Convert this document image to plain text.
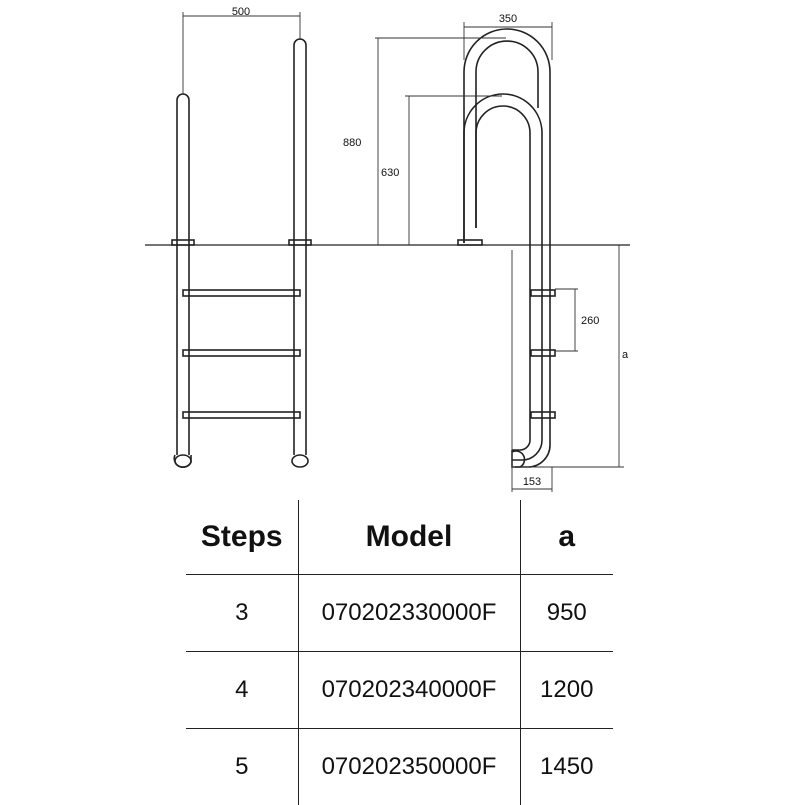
500
350
880
630
260
a
153
Steps	Model	a
3	070202330000F	950
4	070202340000F	1200
5	070202350000F	1450
